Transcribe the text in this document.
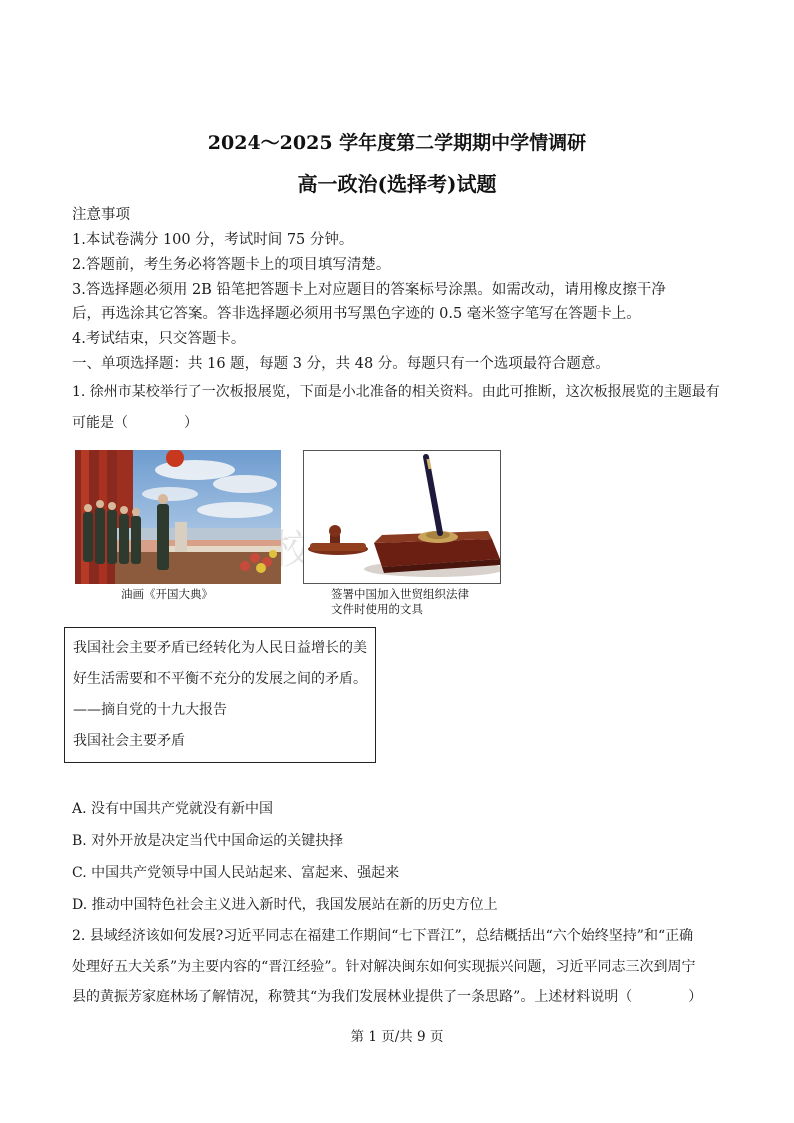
2024～2025 学年度第二学期期中学情调研
高一政治(选择考)试题
注意事项
1.本试卷满分 100 分，考试时间 75 分钟。
2.答题前，考生务必将答题卡上的项目填写清楚。
3.答选择题必须用 2B 铅笔把答题卡上对应题目的答案标号涂黑。如需改动，请用橡皮擦干净
后，再选涂其它答案。答非选择题必须用书写黑色字迹的 0.5 毫米签字笔写在答题卡上。
4.考试结束，只交答题卡。
一、单项选择题：共 16 题，每题 3 分，共 48 分。每题只有一个选项最符合题意。
1. 徐州市某校举行了一次板报展览，下面是小北准备的相关资料。由此可推断，这次板报展览的主题最有
可能是（　　　　）
油画《开国大典》	签署中国加入世贸组织法律
文件时使用的文具
我国社会主要矛盾已经转化为人民日益增长的美
好生活需要和不平衡不充分的发展之间的矛盾。
——摘自党的十九大报告
我国社会主要矛盾
A. 没有中国共产党就没有新中国
B. 对外开放是决定当代中国命运的关键抉择
C. 中国共产党领导中国人民站起来、富起来、强起来
D. 推动中国特色社会主义进入新时代，我国发展站在新的历史方位上
2. 县域经济该如何发展?习近平同志在福建工作期间“七下晋江”，总结概括出“六个始终坚持”和“正确
处理好五大关系”为主要内容的“晋江经验”。针对解决闽东如何实现振兴问题，习近平同志三次到周宁
县的黄振芳家庭林场了解情况，称赞其“为我们发展林业提供了一条思路”。上述材料说明（　　　　）
第 1 页/共 9 页
